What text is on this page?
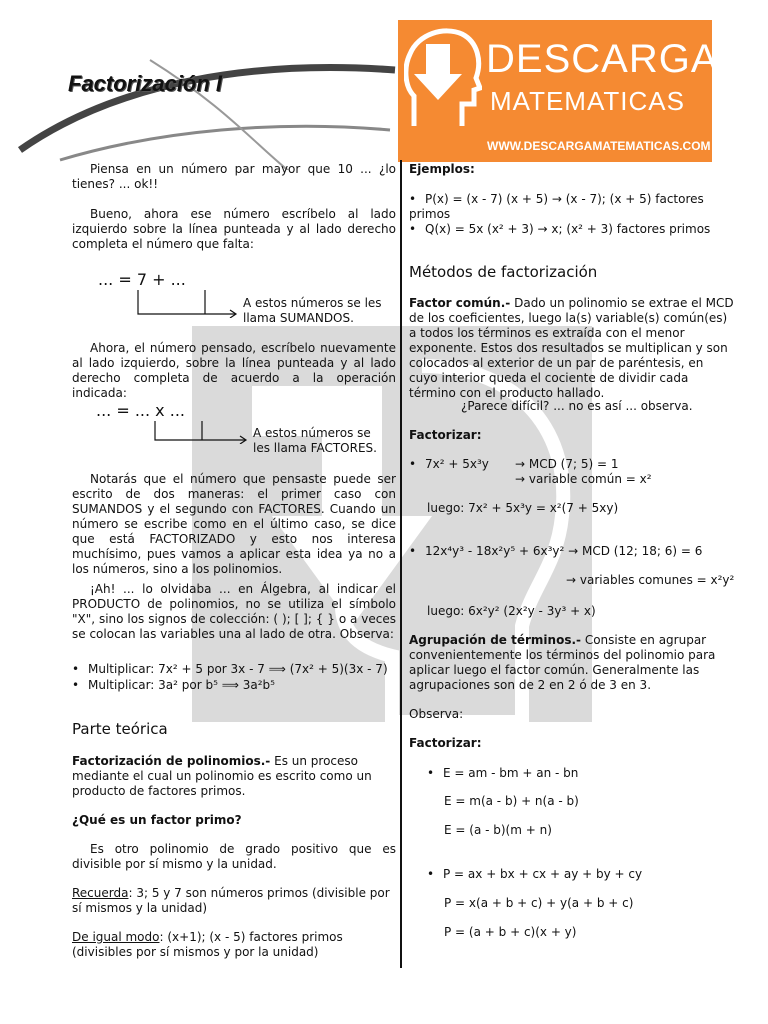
Factorización I
DESCARGA
MATEMATICAS
WWW.DESCARGAMATEMATICAS.COM

Piensa en un número par mayor que 10 ... ¿lo tienes? ... ok!!

Bueno, ahora ese número escríbelo al lado izquierdo sobre la línea punteada y al lado derecho completa el número que falta:

... = 7 + ...
A estos números se les llama SUMANDOS.

Ahora, el número pensado, escríbelo nuevamente al lado izquierdo, sobre la línea punteada y al lado derecho completa de acuerdo a la operación indicada:

... = ... x ...
A estos números se les llama FACTORES.

Notarás que el número que pensaste puede ser escrito de dos maneras: el primer caso con SUMANDOS y el segundo con FACTORES. Cuando un número se escribe como en el último caso, se dice que está FACTORIZADO y esto nos interesa muchísimo, pues vamos a aplicar esta idea ya no a los números, sino a los polinomios.

¡Ah! ... lo olvidaba ... en Álgebra, al indicar el PRODUCTO de polinomios, no se utiliza el símbolo "X", sino los signos de colección: ( ); [ ]; { } o a veces se colocan las variables una al lado de otra. Observa:

• Multiplicar: 7x² + 5 por 3x - 7 ⟹ (7x² + 5)(3x - 7)
• Multiplicar: 3a² por b⁵ ⟹ 3a²b⁵
Parte teórica
Factorización de polinomios.- Es un proceso mediante el cual un polinomio es escrito como un producto de factores primos.
¿Qué es un factor primo?

Es otro polinomio de grado positivo que es divisible por sí mismo y la unidad.

Recuerda: 3; 5 y 7 son números primos (divisible por sí mismos y la unidad)
De igual modo: (x+1); (x - 5) factores primos (divisibles por sí mismos y por la unidad)
Ejemplos:
• P(x) = (x - 7) (x + 5) → (x - 7); (x + 5) factores primos
• Q(x) = 5x (x² + 3) → x; (x² + 3) factores primos
Métodos de factorización
Factor común.- Dado un polinomio se extrae el MCD de los coeficientes, luego la(s) variable(s) común(es) a todos los términos es extraída con el menor exponente. Estos dos resultados se multiplican y son colocados al exterior de un par de paréntesis, en cuyo interior queda el cociente de dividir cada término con el producto hallado.
¿Parece difícil? ... no es así ... observa.
Factorizar:
• 7x² + 5x³y → MCD (7; 5) = 1
→ variable común = x²
luego: 7x² + 5x³y = x²(7 + 5xy)
• 12x⁴y³ - 18x²y⁵ + 6x³y² → MCD (12; 18; 6) = 6
→ variables comunes = x²y²
luego: 6x²y² (2x²y - 3y³ + x)
Agrupación de términos.- Consiste en agrupar convenientemente los términos del polinomio para aplicar luego el factor común. Generalmente las agrupaciones son de 2 en 2 ó de 3 en 3.
Observa:
Factorizar:
• E = am - bm + an - bn
E = m(a - b) + n(a - b)
E = (a - b)(m + n)
• P = ax + bx + cx + ay + by + cy
P = x(a + b + c) + y(a + b + c)
P = (a + b + c)(x + y)
